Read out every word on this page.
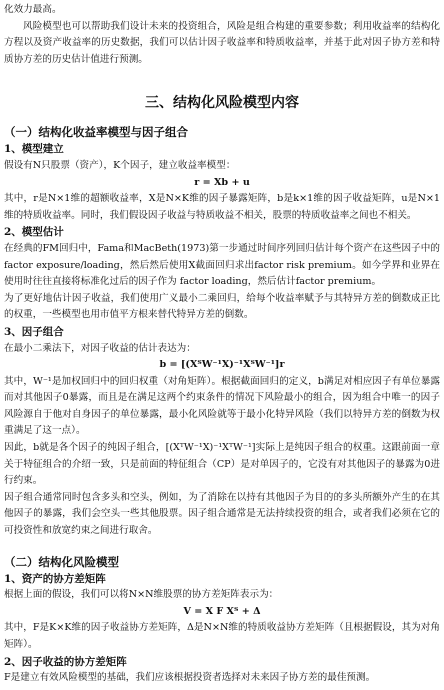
化效力最高。

风险模型也可以帮助我们设计未来的投资组合，风险是组合构建的重要参数；利用收益率的结构化方程以及资产收益率的历史数据，我们可以估计因子收益率和特质收益率，并基于此对因子协方差和特质协方差的历史估计值进行预测。

三、结构化风险模型内容
（一）结构化收益率模型与因子组合
1、模型建立

假设有N只股票（资产），K个因子，建立收益率模型：

r = Xb + u

其中，r是N×1维的超额收益率，X是N×K维的因子暴露矩阵，b是k×1维的因子收益矩阵，u是N×1维的特质收益率。同时，我们假设因子收益与特质收益不相关，股票的特质收益率之间也不相关。

2、模型估计

在经典的FM回归中，Fama和MacBeth(1973)第一步通过时间序列回归估计每个资产在这些因子中的factor exposure/loading，然后然后使用X截面回归求出factor risk premium。如今学界和业界在使用时往往直接将标准化过后的因子作为 factor loading，然后估计factor premium。

为了更好地估计因子收益，我们使用广义最小二乘回归，给每个收益率赋予与其特异方差的倒数成正比的权重，一些模型也用市值平方根来替代特异方差的倒数。

3、因子组合

在最小二乘法下，对因子收益的估计表达为：

b = [(XᵀW⁻¹X)⁻¹XᵀW⁻¹]r

其中，W⁻¹是加权回归中的回归权重（对角矩阵）。根据截面回归的定义，b满足对相应因子有单位暴露而对其他因子0暴露，而且是在满足这两个约束条件的情况下风险最小的组合，因为组合中唯一的因子风险源自于他对自身因子的单位暴露，最小化风险就等于最小化特异风险（我们以特异方差的倒数为权重满足了这一点）。

因此，b就是各个因子的纯因子组合，[(XᵀW⁻¹X)⁻¹XᵀW⁻¹]实际上是纯因子组合的权重。这跟前面一章关于特征组合的介绍一致，只是前面的特征组合（CP）是对单因子的，它没有对其他因子的暴露为0进行约束。

因子组合通常同时包含多头和空头，例如，为了消除在以持有其他因子为目的的多头所额外产生的在其他因子的暴露，我们会空头一些其他股票。因子组合通常是无法持续投资的组合，或者我们必须在它的可投资性和放宽约束之间进行取舍。

（二）结构化风险模型
1、资产的协方差矩阵

根据上面的假设，我们可以将N×N维股票的协方差矩阵表示为：

V = X F Xᵀ + Δ

其中，F是K×K维的因子收益协方差矩阵，Δ是N×N维的特质收益协方差矩阵（且根据假设，其为对角矩阵）。

2、因子收益的协方差矩阵

F是建立有效风险模型的基础，我们应该根据投资者选择对未来因子协方差的最佳预测。
